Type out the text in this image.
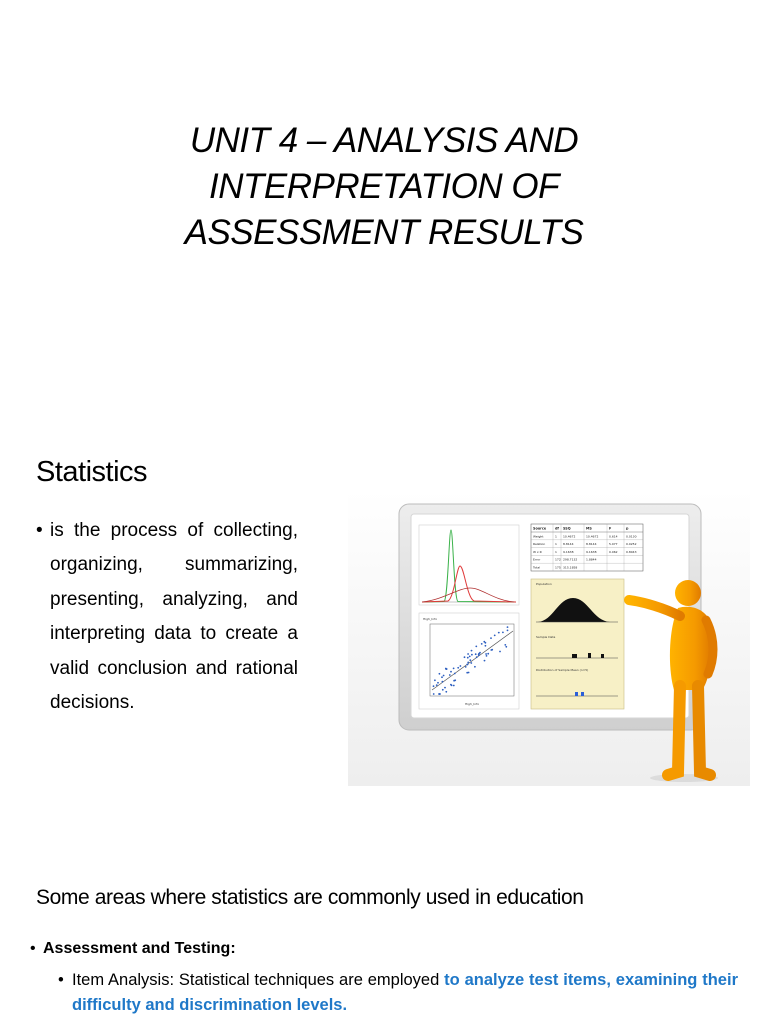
UNIT 4 – ANALYSIS AND
INTERPRETATION OF
ASSESSMENT RESULTS
Statistics
• is the process of collecting, organizing, summarizing, presenting, analyzing, and interpreting data to create a valid conclusion and rational decisions.
Source	df SSQ	MS	F	p
Weight	1 10.4672	10.4672	0.614	0.0130
Relation	1 8.8144	8.8144	5.077	0.0252
W x R	1 9.1638	9.1638	0.062	0.8043
Error	172 298.7132	1.8844
Total	175 315.1858
High_Info
High_Info
Population
Sample Data
Distribution of Sample Mean (n=5)
Some areas where statistics are commonly used in education
• Assessment and Testing:
• Item Analysis: Statistical techniques are employed to analyze test items, examining their difficulty and discrimination levels.
